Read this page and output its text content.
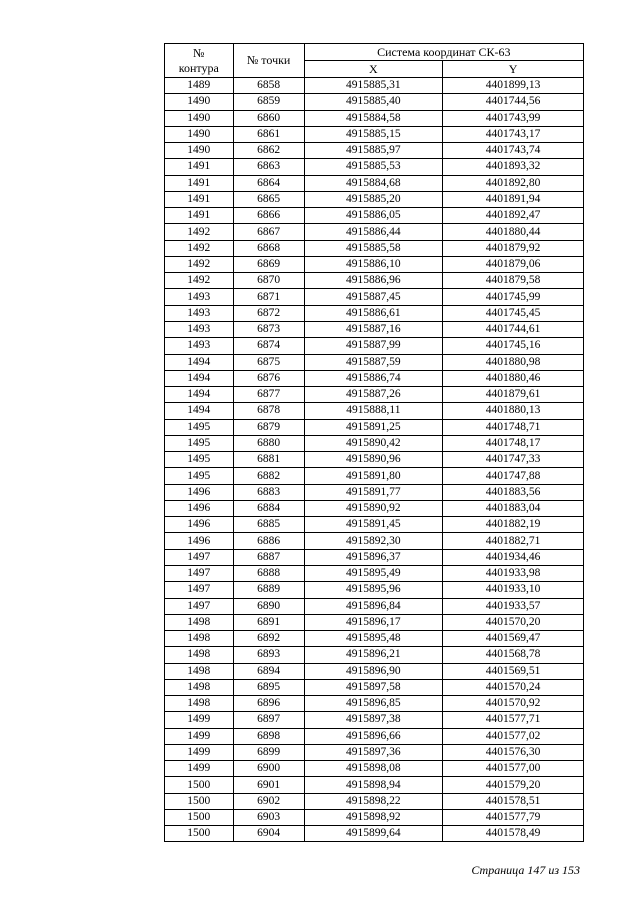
№
контура	№ точки	Система координат СК-63	
		X	Y
1489	6858	4915885,31	4401899,13
1490	6859	4915885,40	4401744,56
1490	6860	4915884,58	4401743,99
1490	6861	4915885,15	4401743,17
1490	6862	4915885,97	4401743,74
1491	6863	4915885,53	4401893,32
1491	6864	4915884,68	4401892,80
1491	6865	4915885,20	4401891,94
1491	6866	4915886,05	4401892,47
1492	6867	4915886,44	4401880,44
1492	6868	4915885,58	4401879,92
1492	6869	4915886,10	4401879,06
1492	6870	4915886,96	4401879,58
1493	6871	4915887,45	4401745,99
1493	6872	4915886,61	4401745,45
1493	6873	4915887,16	4401744,61
1493	6874	4915887,99	4401745,16
1494	6875	4915887,59	4401880,98
1494	6876	4915886,74	4401880,46
1494	6877	4915887,26	4401879,61
1494	6878	4915888,11	4401880,13
1495	6879	4915891,25	4401748,71
1495	6880	4915890,42	4401748,17
1495	6881	4915890,96	4401747,33
1495	6882	4915891,80	4401747,88
1496	6883	4915891,77	4401883,56
1496	6884	4915890,92	4401883,04
1496	6885	4915891,45	4401882,19
1496	6886	4915892,30	4401882,71
1497	6887	4915896,37	4401934,46
1497	6888	4915895,49	4401933,98
1497	6889	4915895,96	4401933,10
1497	6890	4915896,84	4401933,57
1498	6891	4915896,17	4401570,20
1498	6892	4915895,48	4401569,47
1498	6893	4915896,21	4401568,78
1498	6894	4915896,90	4401569,51
1498	6895	4915897,58	4401570,24
1498	6896	4915896,85	4401570,92
1499	6897	4915897,38	4401577,71
1499	6898	4915896,66	4401577,02
1499	6899	4915897,36	4401576,30
1499	6900	4915898,08	4401577,00
1500	6901	4915898,94	4401579,20
1500	6902	4915898,22	4401578,51
1500	6903	4915898,92	4401577,79
1500	6904	4915899,64	4401578,49
Страница 147 из 153
